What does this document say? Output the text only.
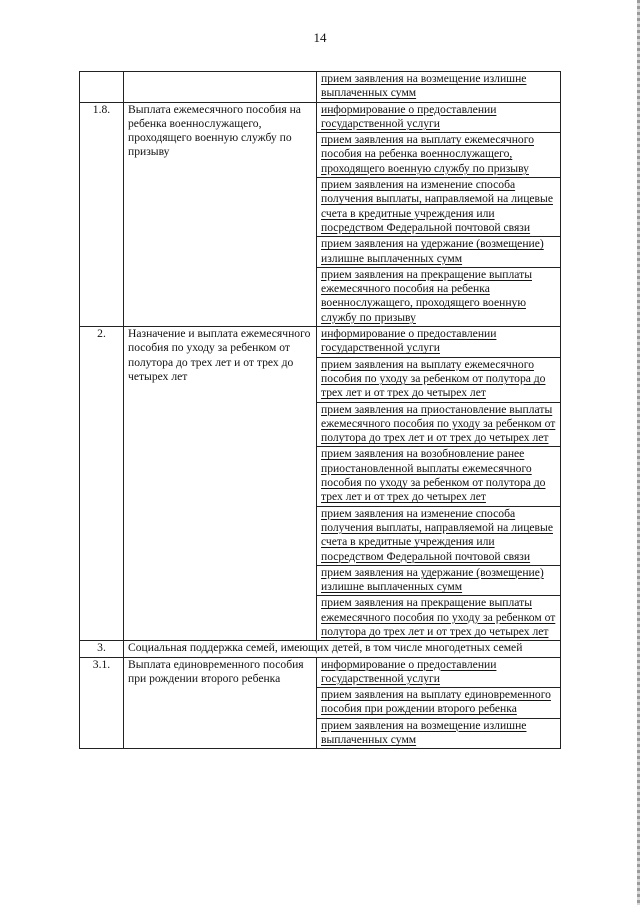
14
		прием заявления на возмещение излишне выплаченных сумм
1.8.	Выплата ежемесячного пособия на ребенка военнослужащего, проходящего военную службу по призыву	информирование о предоставлении государственной услуги
		прием заявления на выплату ежемесячного пособия на ребенка военнослужащего, проходящего военную службу по призыву
		прием заявления на изменение способа получения выплаты, направляемой на лицевые счета в кредитные учреждения или посредством Федеральной почтовой связи
		прием заявления на удержание (возмещение) излишне выплаченных сумм
		прием заявления на прекращение выплаты ежемесячного пособия на ребенка военнослужащего, проходящего военную службу по призыву
2.	Назначение и выплата ежемесячного пособия по уходу за ребенком от полутора до трех лет и от трех до четырех лет	информирование о предоставлении государственной услуги
		прием заявления на выплату ежемесячного пособия по уходу за ребенком от полутора до трех лет и от трех до четырех лет
		прием заявления на приостановление выплаты ежемесячного пособия по уходу за ребенком от полутора до трех лет и от трех до четырех лет
		прием заявления на возобновление ранее приостановленной выплаты ежемесячного пособия по уходу за ребенком от полутора до трех лет и от трех до четырех лет
		прием заявления на изменение способа получения выплаты, направляемой на лицевые счета в кредитные учреждения или посредством Федеральной почтовой связи
		прием заявления на удержание (возмещение) излишне выплаченных сумм
		прием заявления на прекращение выплаты ежемесячного пособия по уходу за ребенком от полутора до трех лет и от трех до четырех лет
3.	Социальная поддержка семей, имеющих детей, в том числе многодетных семей	
3.1.	Выплата единовременного пособия при рождении второго ребенка	информирование о предоставлении государственной услуги
		прием заявления на выплату единовременного пособия при рождении второго ребенка
		прием заявления на возмещение излишне выплаченных сумм
